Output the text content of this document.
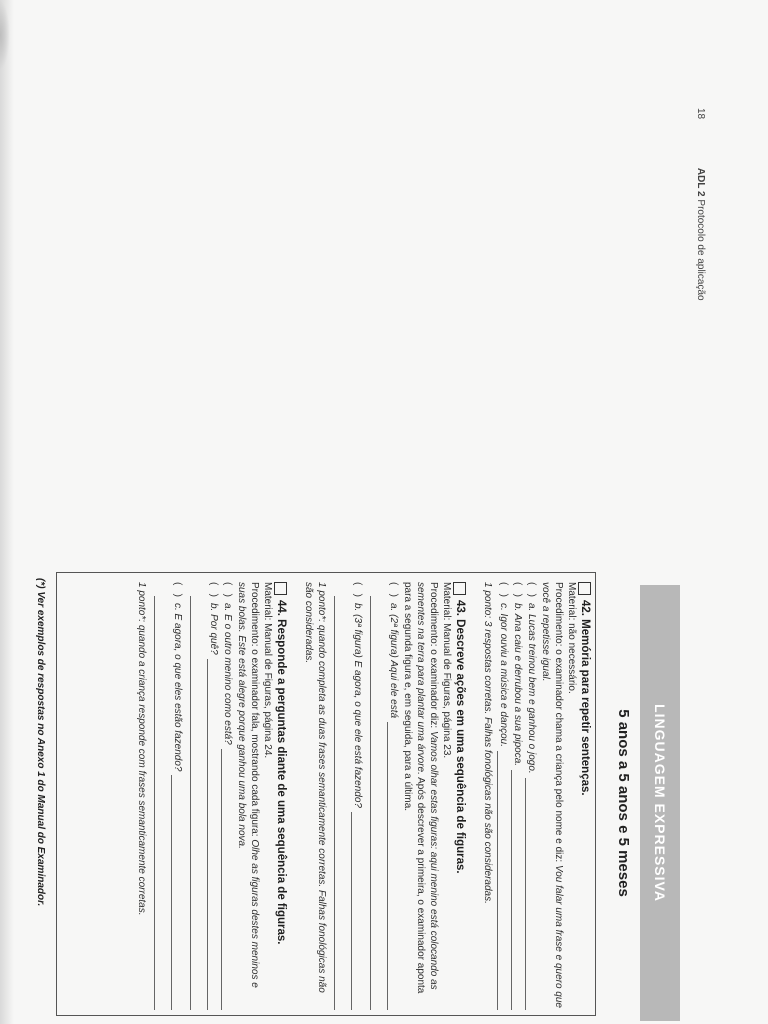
18 ADL 2 Protocolo de aplicação
LINGUAGEM EXPRESSIVA
5 anos a 5 anos e 5 meses
42. Memória para repetir sentenças.

Material: não necessário.

Procedimento: o examinador chama a criança pelo nome e diz: Vou falar uma frase e quero que você a repetisse igual.

(   )
a. Lucas treinou bem e ganhou o jogo.
(   )
b. Ana caiu e derrubou a sua pipoca.
(   )
c. Igor ouviu a música e dançou.

1 ponto: 3 respostas corretas. Falhas fonológicas não são consideradas.

43. Descreve ações em uma sequência de figuras.

Material: Manual de Figuras, página 23.

Procedimento: o examinador diz: Vamos olhar estas figuras: aqui menino está colocando as sementes na terra para plantar uma árvore. Após descrever a primeira, o examinador aponta para a segunda figura e, em seguida, para a última.

(   )
a. (2ª figura) Aqui ele está
(   )
b. (3ª figura) E agora, o que ele está fazendo?

1 ponto*: quando completa as duas frases semanticamente corretas. Falhas fonológicas não são consideradas.

44. Responde a perguntas diante de uma sequência de figuras.

Material: Manual de Figuras, página 24.

Procedimento: o examinador fala, mostrando cada figura: Olhe as figuras destes meninos e suas bolas. Este está alegre porque ganhou uma bola nova.

(   )
a. E o outro menino como está?
(   )
b. Por quê?
(   )
c. E agora, o que eles estão fazendo?

1 ponto*: quando a criança responde com frases semanticamente corretas.

(*) Ver exemplos de respostas no Anexo 1 do Manual do Examinador.
